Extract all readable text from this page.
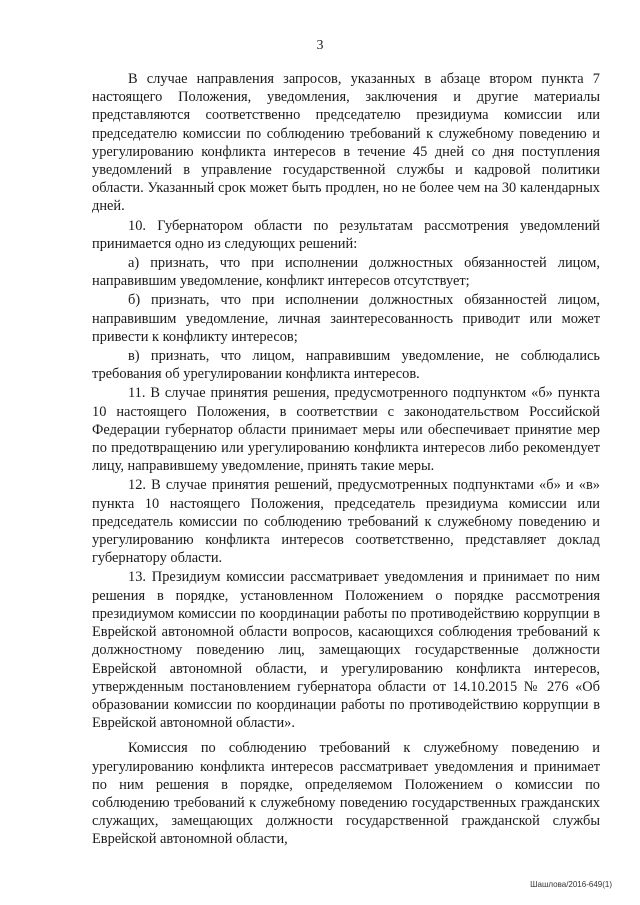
3

В случае направления запросов, указанных в абзаце втором пункта 7 настоящего Положения, уведомления, заключения и другие материалы представляются соответственно председателю президиума комиссии или председателю комиссии по соблюдению требований к служебному поведению и урегулированию конфликта интересов в течение 45 дней со дня поступления уведомлений в управление государственной службы и кадровой политики области. Указанный срок может быть продлен, но не более чем на 30 календарных дней.

10. Губернатором области по результатам рассмотрения уведомлений принимается одно из следующих решений:

а) признать, что при исполнении должностных обязанностей лицом, направившим уведомление, конфликт интересов отсутствует;

б) признать, что при исполнении должностных обязанностей лицом, направившим уведомление, личная заинтересованность приводит или может привести к конфликту интересов;

в) признать, что лицом, направившим уведомление, не соблюдались требования об урегулировании конфликта интересов.

11. В случае принятия решения, предусмотренного подпунктом «б» пункта 10 настоящего Положения, в соответствии с законодательством Российской Федерации губернатор области принимает меры или обеспечивает принятие мер по предотвращению или урегулированию конфликта интересов либо рекомендует лицу, направившему уведомление, принять такие меры.

12. В случае принятия решений, предусмотренных подпунктами «б» и «в» пункта 10 настоящего Положения, председатель президиума комиссии или председатель комиссии по соблюдению требований к служебному поведению и урегулированию конфликта интересов соответственно, представляет доклад губернатору области.

13. Президиум комиссии рассматривает уведомления и принимает по ним решения в порядке, установленном Положением о порядке рассмотрения президиумом комиссии по координации работы по противодействию коррупции в Еврейской автономной области вопросов, касающихся соблюдения требований к должностному поведению лиц, замещающих государственные должности Еврейской автономной области, и урегулированию конфликта интересов, утвержденным постановлением губернатора области от 14.10.2015 № 276 «Об образовании комиссии по координации работы по противодействию коррупции в Еврейской автономной области».

Комиссия по соблюдению требований к служебному поведению и урегулированию конфликта интересов рассматривает уведомления и принимает по ним решения в порядке, определяемом Положением о комиссии по соблюдению требований к служебному поведению государственных гражданских служащих, замещающих должности государственной гражданской службы Еврейской автономной области,

Шашлова/2016-649(1)
